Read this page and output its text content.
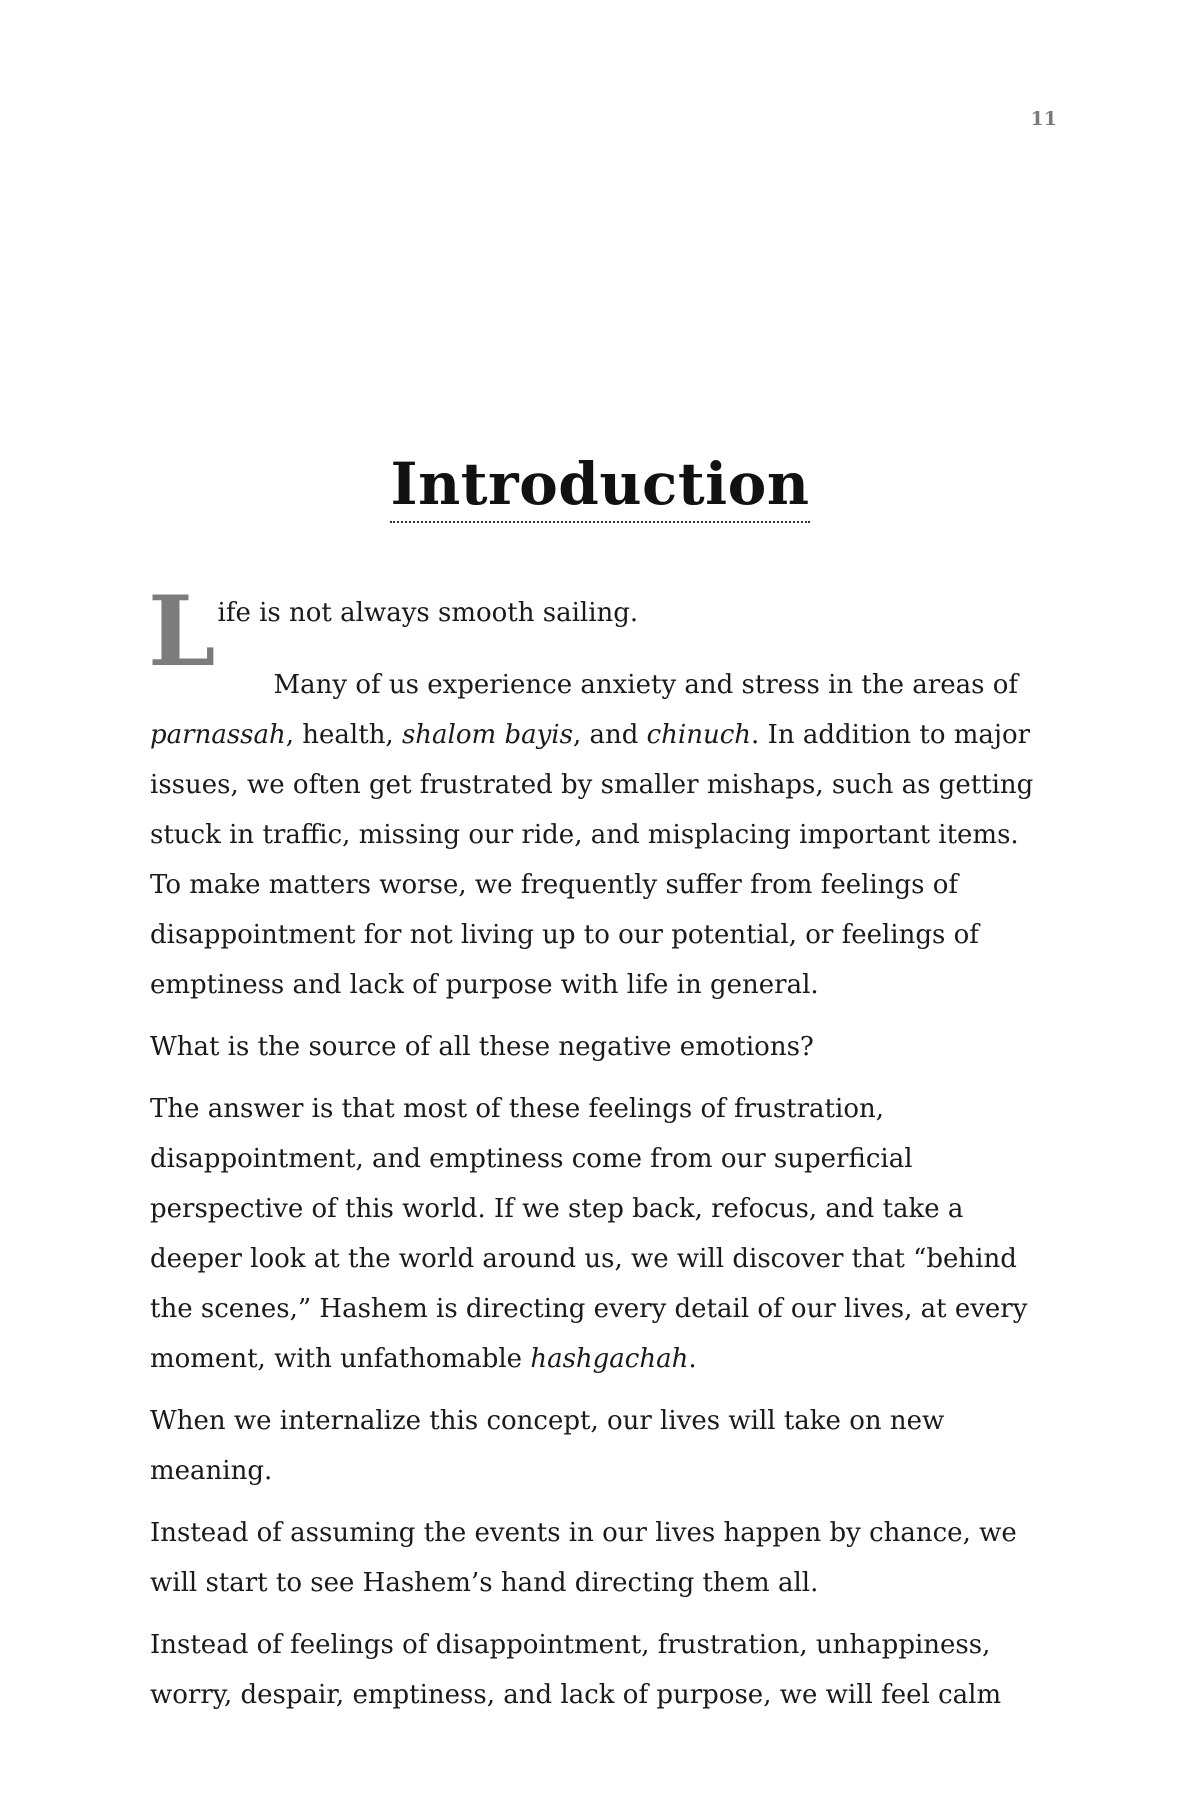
11
Introduction

Life is not always smooth sailing.

Many of us experience anxiety and stress in the areas of parnassah, health, shalom bayis, and chinuch. In addition to major issues, we often get frustrated by smaller mishaps, such as getting stuck in traffic, missing our ride, and misplacing important items. To make matters worse, we frequently suffer from feelings of disappointment for not living up to our potential, or feelings of emptiness and lack of purpose with life in general.

What is the source of all these negative emotions?

The answer is that most of these feelings of frustration, disappointment, and emptiness come from our superficial perspective of this world. If we step back, refocus, and take a deeper look at the world around us, we will discover that “behind the scenes,” Hashem is directing every detail of our lives, at every moment, with unfathomable hashgachah.

When we internalize this concept, our lives will take on new meaning.

Instead of assuming the events in our lives happen by chance, we will start to see Hashem’s hand directing them all.

Instead of feelings of disappointment, frustration, unhappiness, worry, despair, emptiness, and lack of purpose, we will feel calm
